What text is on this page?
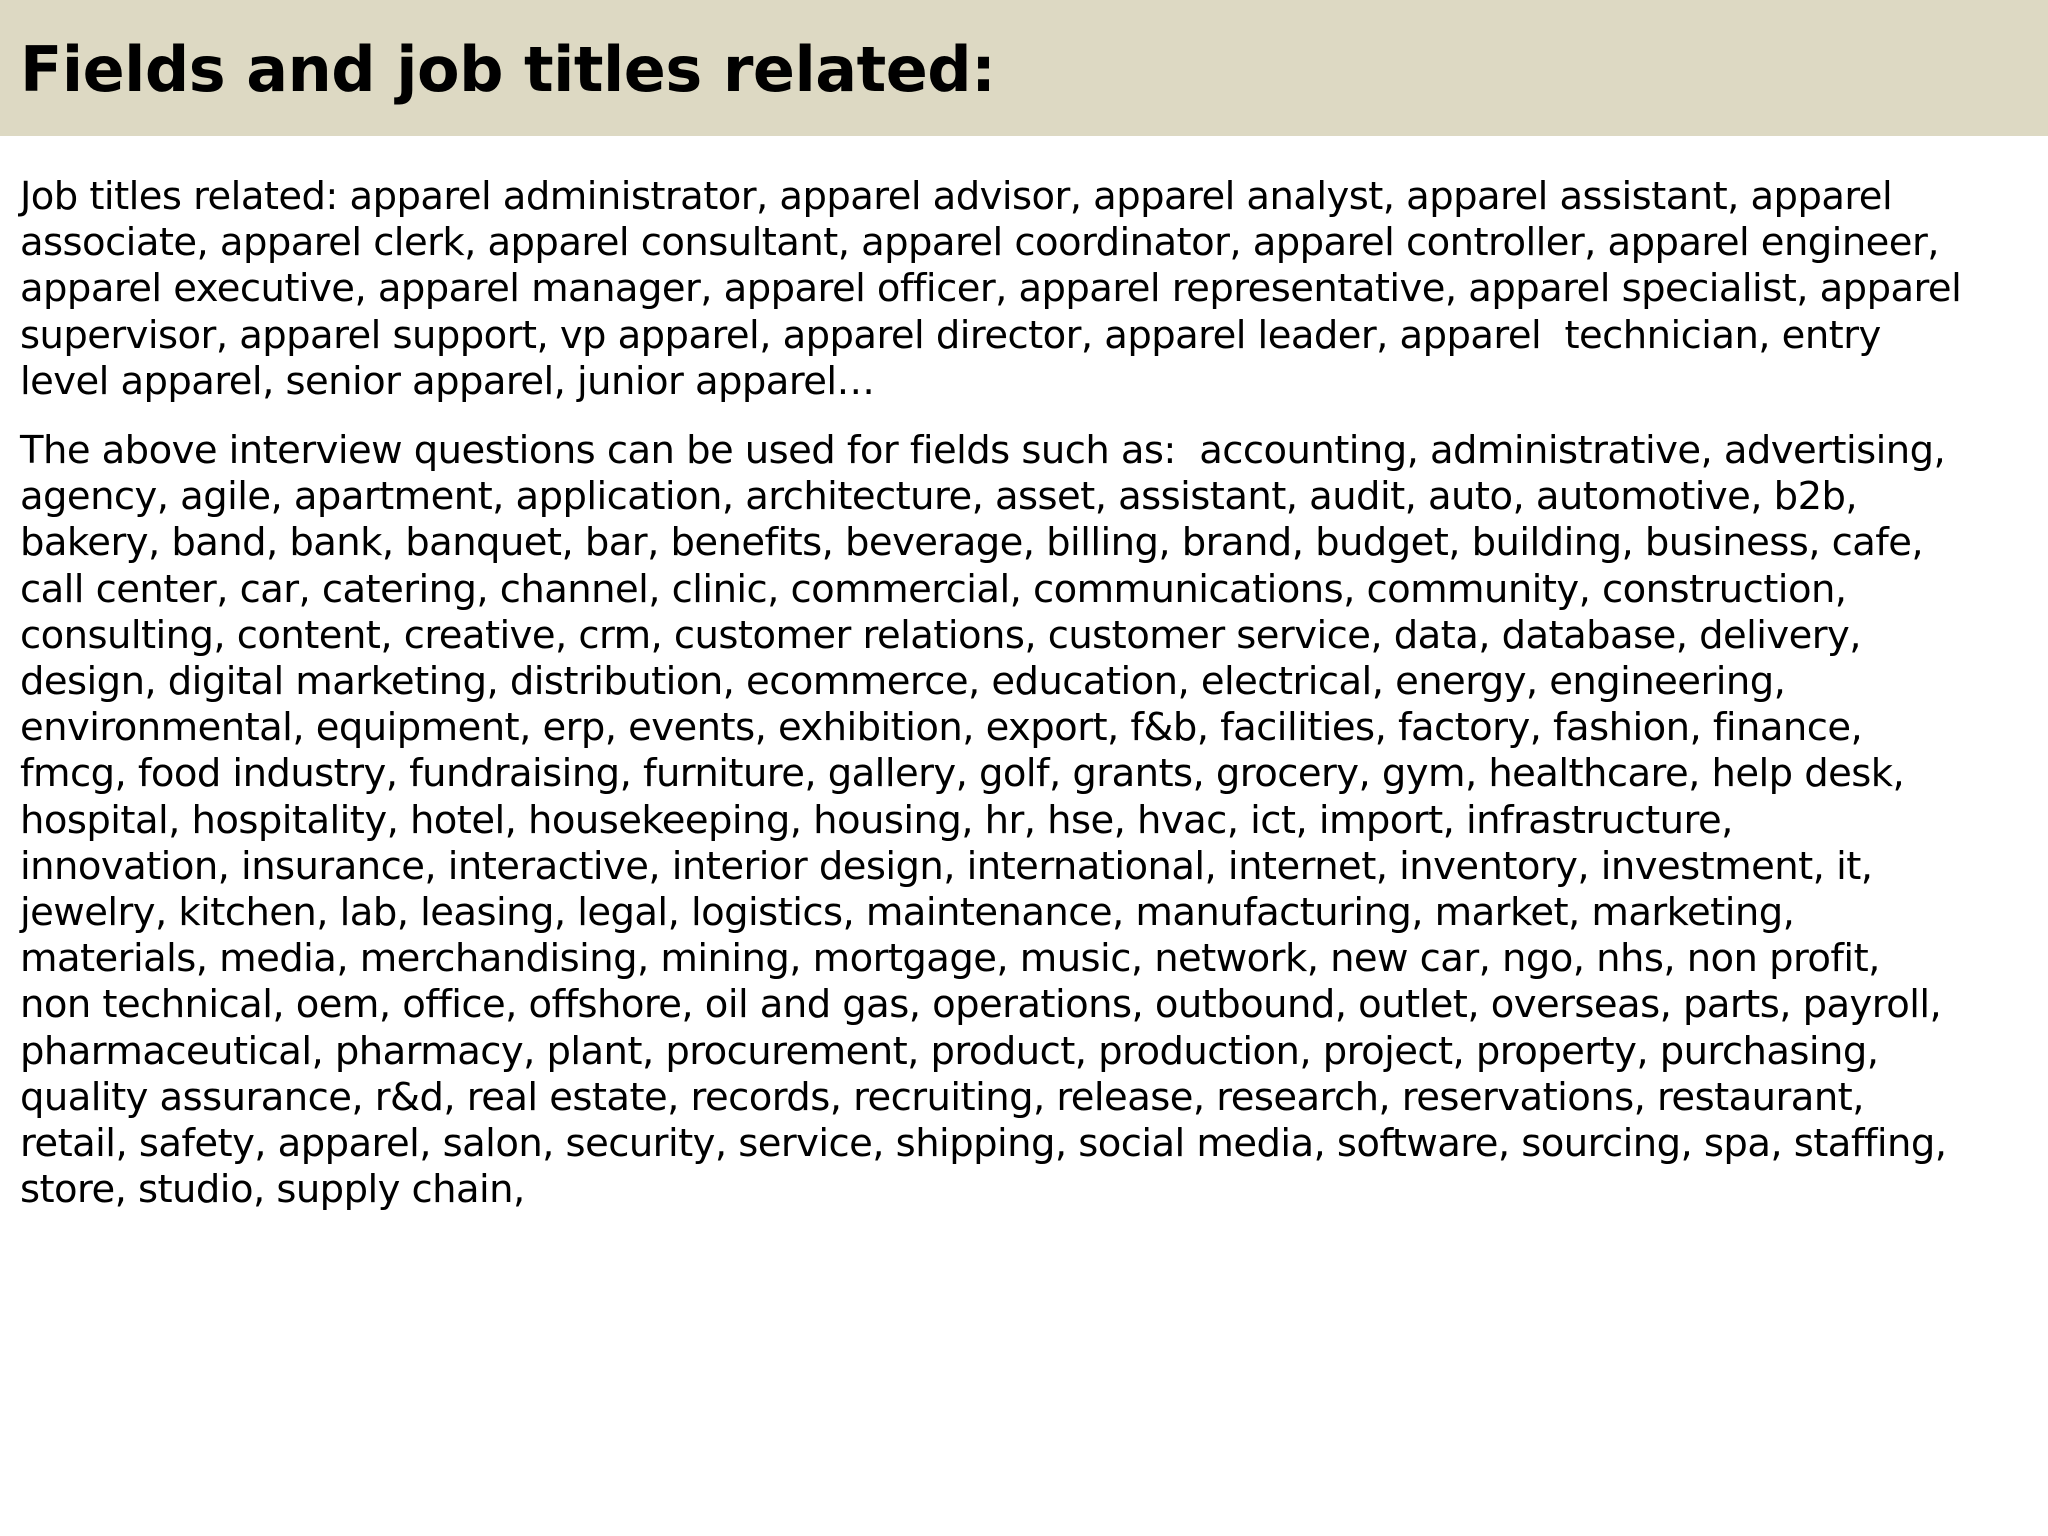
Fields and job titles related:

Job titles related: apparel administrator, apparel advisor, apparel analyst, apparel assistant, apparel
associate, apparel clerk, apparel consultant, apparel coordinator, apparel controller, apparel engineer,
apparel executive, apparel manager, apparel officer, apparel representative, apparel specialist, apparel
supervisor, apparel support, vp apparel, apparel director, apparel leader, apparel  technician, entry
level apparel, senior apparel, junior apparel…

The above interview questions can be used for fields such as:  accounting, administrative, advertising,
agency, agile, apartment, application, architecture, asset, assistant, audit, auto, automotive, b2b,
bakery, band, bank, banquet, bar, benefits, beverage, billing, brand, budget, building, business, cafe,
call center, car, catering, channel, clinic, commercial, communications, community, construction,
consulting, content, creative, crm, customer relations, customer service, data, database, delivery,
design, digital marketing, distribution, ecommerce, education, electrical, energy, engineering,
environmental, equipment, erp, events, exhibition, export, f&b, facilities, factory, fashion, finance,
fmcg, food industry, fundraising, furniture, gallery, golf, grants, grocery, gym, healthcare, help desk,
hospital, hospitality, hotel, housekeeping, housing, hr, hse, hvac, ict, import, infrastructure,
innovation, insurance, interactive, interior design, international, internet, inventory, investment, it,
jewelry, kitchen, lab, leasing, legal, logistics, maintenance, manufacturing, market, marketing,
materials, media, merchandising, mining, mortgage, music, network, new car, ngo, nhs, non profit,
non technical, oem, office, offshore, oil and gas, operations, outbound, outlet, overseas, parts, payroll,
pharmaceutical, pharmacy, plant, procurement, product, production, project, property, purchasing,
quality assurance, r&d, real estate, records, recruiting, release, research, reservations, restaurant,
retail, safety, apparel, salon, security, service, shipping, social media, software, sourcing, spa, staffing,
store, studio, supply chain,
